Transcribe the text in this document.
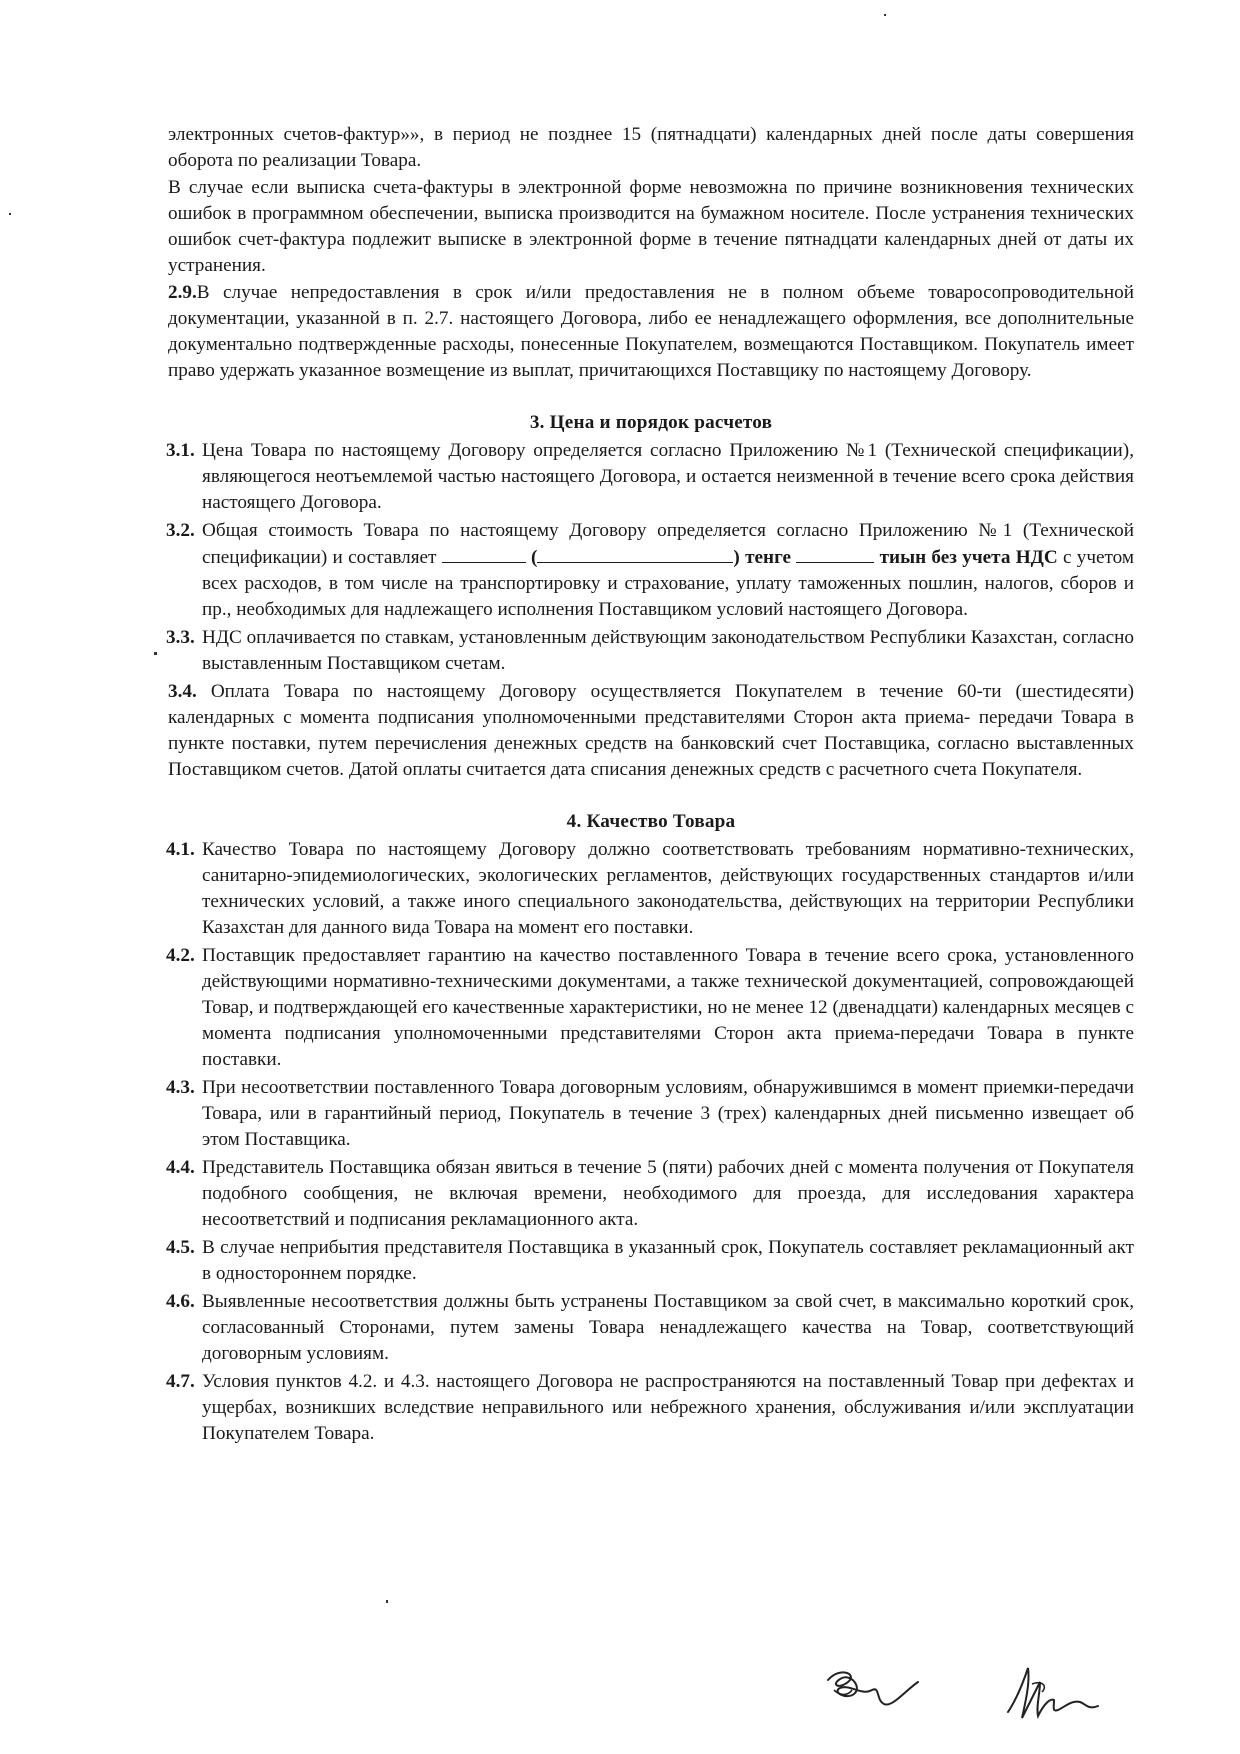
электронных счетов-фактур»», в период не позднее 15 (пятнадцати) календарных дней после даты совершения оборота по реализации Товара.

В случае если выписка счета-фактуры в электронной форме невозможна по причине возникновения технических ошибок в программном обеспечении, выписка производится на бумажном носителе. После устранения технических ошибок счет-фактура подлежит выписке в электронной форме в течение пятнадцати календарных дней от даты их устранения.

2.9.В случае непредоставления в срок и/или предоставления не в полном объеме товаросопроводительной документации, указанной в п. 2.7. настоящего Договора, либо ее ненадлежащего оформления, все дополнительные документально подтвержденные расходы, понесенные Покупателем, возмещаются Поставщиком. Покупатель имеет право удержать указанное возмещение из выплат, причитающихся Поставщику по настоящему Договору.

3. Цена и порядок расчетов
3.1. Цена Товара по настоящему Договору определяется согласно Приложению №1 (Технической спецификации), являющегося неотъемлемой частью настоящего Договора, и остается неизменной в течение всего срока действия настоящего Договора.
3.2. Общая стоимость Товара по настоящему Договору определяется согласно Приложению №1 (Технической спецификации) и составляет	(	) тенге	тиын без учета НДС с учетом всех расходов, в том числе на транспортировку и страхование, уплату таможенных пошлин, налогов, сборов и пр., необходимых для надлежащего исполнения Поставщиком условий настоящего Договора.
3.3. НДС оплачивается по ставкам, установленным действующим законодательством Республики Казахстан, согласно выставленным Поставщиком счетам.

3.4. Оплата Товара по настоящему Договору осуществляется Покупателем в течение 60-ти (шестидесяти) календарных с момента подписания уполномоченными представителями Сторон акта приема- передачи Товара в пункте поставки, путем перечисления денежных средств на банковский счет Поставщика, согласно выставленных Поставщиком счетов. Датой оплаты считается дата списания денежных средств с расчетного счета Покупателя.

4. Качество Товара
4.1. Качество Товара по настоящему Договору должно соответствовать требованиям нормативно-технических, санитарно-эпидемиологических, экологических регламентов, действующих государственных стандартов и/или технических условий, а также иного специального законодательства, действующих на территории Республики Казахстан для данного вида Товара на момент его поставки.
4.2. Поставщик предоставляет гарантию на качество поставленного Товара в течение всего срока, установленного действующими нормативно-техническими документами, а также технической документацией, сопровождающей Товар, и подтверждающей его качественные характеристики, но не менее 12 (двенадцати) календарных месяцев с момента подписания уполномоченными представителями Сторон акта приема-передачи Товара в пункте поставки.
4.3. При несоответствии поставленного Товара договорным условиям, обнаружившимся в момент приемки-передачи Товара, или в гарантийный период, Покупатель в течение 3 (трех) календарных дней письменно извещает об этом Поставщика.
4.4. Представитель Поставщика обязан явиться в течение 5 (пяти) рабочих дней с момента получения от Покупателя подобного сообщения, не включая времени, необходимого для проезда, для исследования характера несоответствий и подписания рекламационного акта.
4.5. В случае неприбытия представителя Поставщика в указанный срок, Покупатель составляет рекламационный акт в одностороннем порядке.
4.6. Выявленные несоответствия должны быть устранены Поставщиком за свой счет, в максимально короткий срок, согласованный Сторонами, путем замены Товара ненадлежащего качества на Товар, соответствующий договорным условиям.
4.7. Условия пунктов 4.2. и 4.3. настоящего Договора не распространяются на поставленный Товар при дефектах и ущербах, возникших вследствие неправильного или небрежного хранения, обслуживания и/или эксплуатации Покупателем Товара.
